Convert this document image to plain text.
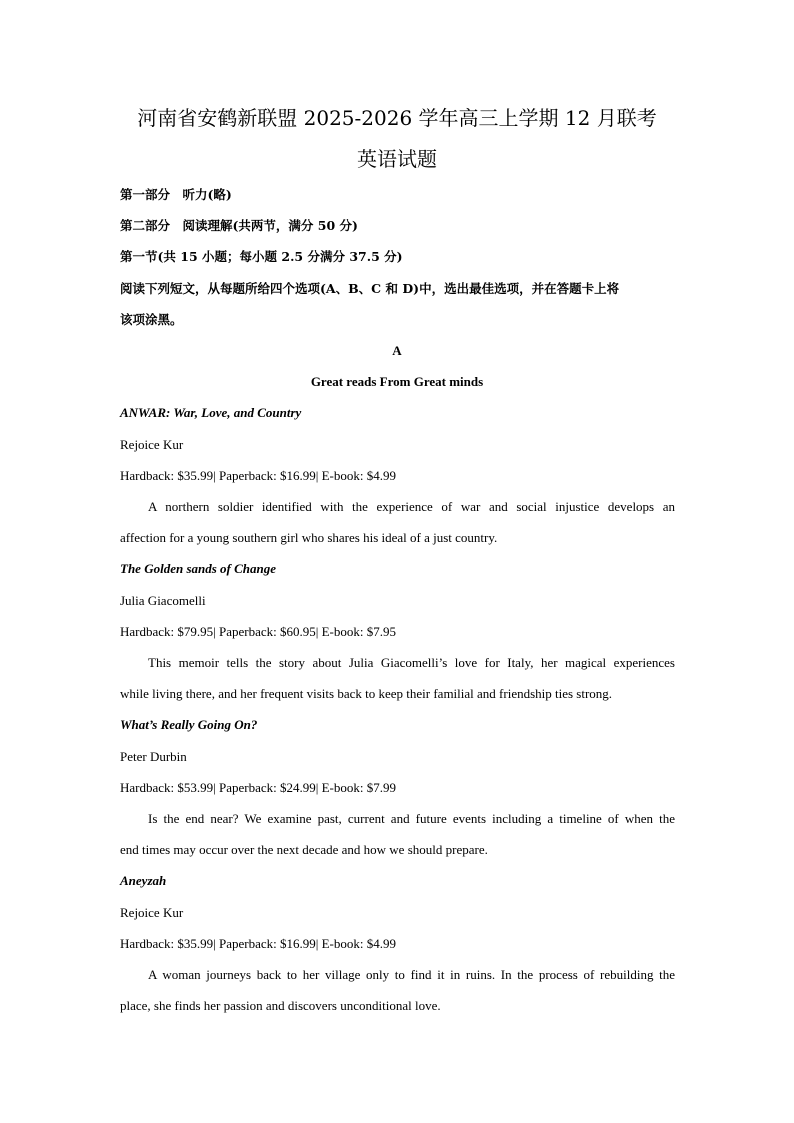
河南省安鹤新联盟 2025-2026 学年高三上学期 12 月联考
英语试题
第一部分　听力(略)
第二部分　阅读理解(共两节，满分 50 分)
第一节(共 15 小题；每小题 2.5 分满分 37.5 分)
阅读下列短文，从每题所给四个选项(A、B、C 和 D)中，选出最佳选项，并在答题卡上将
该项涂黑。
A
Great reads From Great minds
ANWAR: War, Love, and Country
Rejoice Kur
Hardback: $35.99| Paperback: $16.99| E-book: $4.99
A northern soldier identified with the experience of war and social injustice develops an
affection for a young southern girl who shares his ideal of a just country.
The Golden sands of Change
Julia Giacomelli
Hardback: $79.95| Paperback: $60.95| E-book: $7.95
This memoir tells the story about Julia Giacomelli’s love for Italy, her magical experiences
while living there, and her frequent visits back to keep their familial and friendship ties strong.
What’s Really Going On?
Peter Durbin
Hardback: $53.99| Paperback: $24.99| E-book: $7.99
Is the end near? We examine past, current and future events including a timeline of when the
end times may occur over the next decade and how we should prepare.
Aneyzah
Rejoice Kur
Hardback: $35.99| Paperback: $16.99| E-book: $4.99
A woman journeys back to her village only to find it in ruins. In the process of rebuilding the
place, she finds her passion and discovers unconditional love.
